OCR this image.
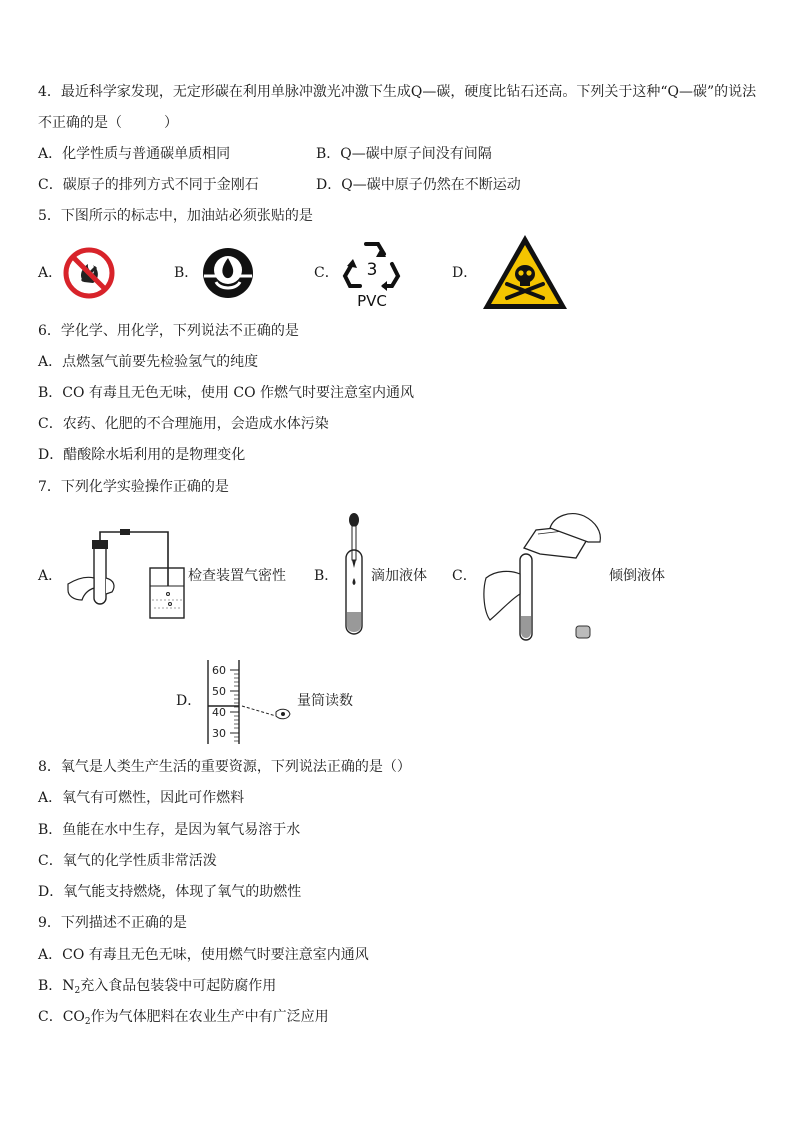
4．最近科学家发现，无定形碳在利用单脉冲激光冲激下生成Q—碳，硬度比钻石还高。下列关于这种“Q—碳”的说法
不正确的是（　　　）
A．化学性质与普通碳单质相同	B．Q—碳中原子间没有间隔
C．碳原子的排列方式不同于金刚石	D．Q—碳中原子仍然在不断运动
5．下图所示的标志中，加油站必须张贴的是
A．	B．	C． 3
PVC
D．
6．学化学、用化学，下列说法不正确的是
A．点燃氢气前要先检验氢气的纯度
B．CO 有毒且无色无味，使用 CO 作燃气时要注意室内通风
C．农药、化肥的不合理施用，会造成水体污染
D．醋酸除水垢利用的是物理变化
7．下列化学实验操作正确的是
A．	检查装置气密性 B． 滴加液体 C．	倾倒液体
D．
60
50
40
30
量筒读数
8．氧气是人类生产生活的重要资源，下列说法正确的是（）
A．氧气有可燃性，因此可作燃料
B．鱼能在水中生存，是因为氧气易溶于水
C．氧气的化学性质非常活泼
D．氧气能支持燃烧，体现了氧气的助燃性
9．下列描述不正确的是
A．CO 有毒且无色无味，使用燃气时要注意室内通风
B．$N_2$充入食品包装袋中可起防腐作用
C．$CO_2$作为气体肥料在农业生产中有广泛应用
